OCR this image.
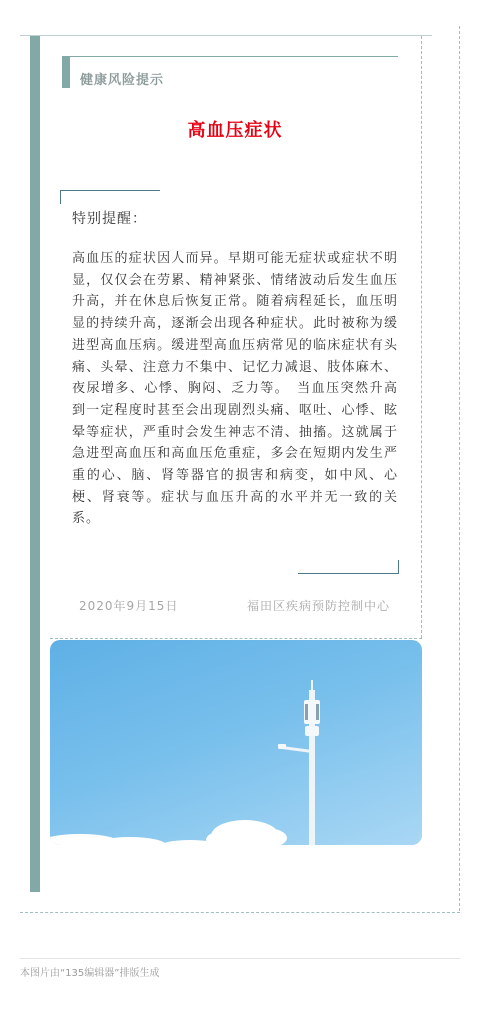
健康风险提示
高血压症状
特别提醒：
高血压的症状因人而异。早期可能无症状或症状不明显，仅仅会在劳累、精神紧张、情绪波动后发生血压升高，并在休息后恢复正常。随着病程延长，血压明显的持续升高，逐渐会出现各种症状。此时被称为缓进型高血压病。缓进型高血压病常见的临床症状有头痛、头晕、注意力不集中、记忆力减退、肢体麻木、夜尿增多、心悸、胸闷、乏力等。　当血压突然升高到一定程度时甚至会出现剧烈头痛、呕吐、心悸、眩晕等症状，严重时会发生神志不清、抽搐。这就属于急进型高血压和高血压危重症，多会在短期内发生严重的心、脑、肾等器官的损害和病变，如中风、心梗、肾衰等。症状与血压升高的水平并无一致的关系。
2020年9月15日	福田区疾病预防控制中心
本图片由“135编辑器”排版生成
